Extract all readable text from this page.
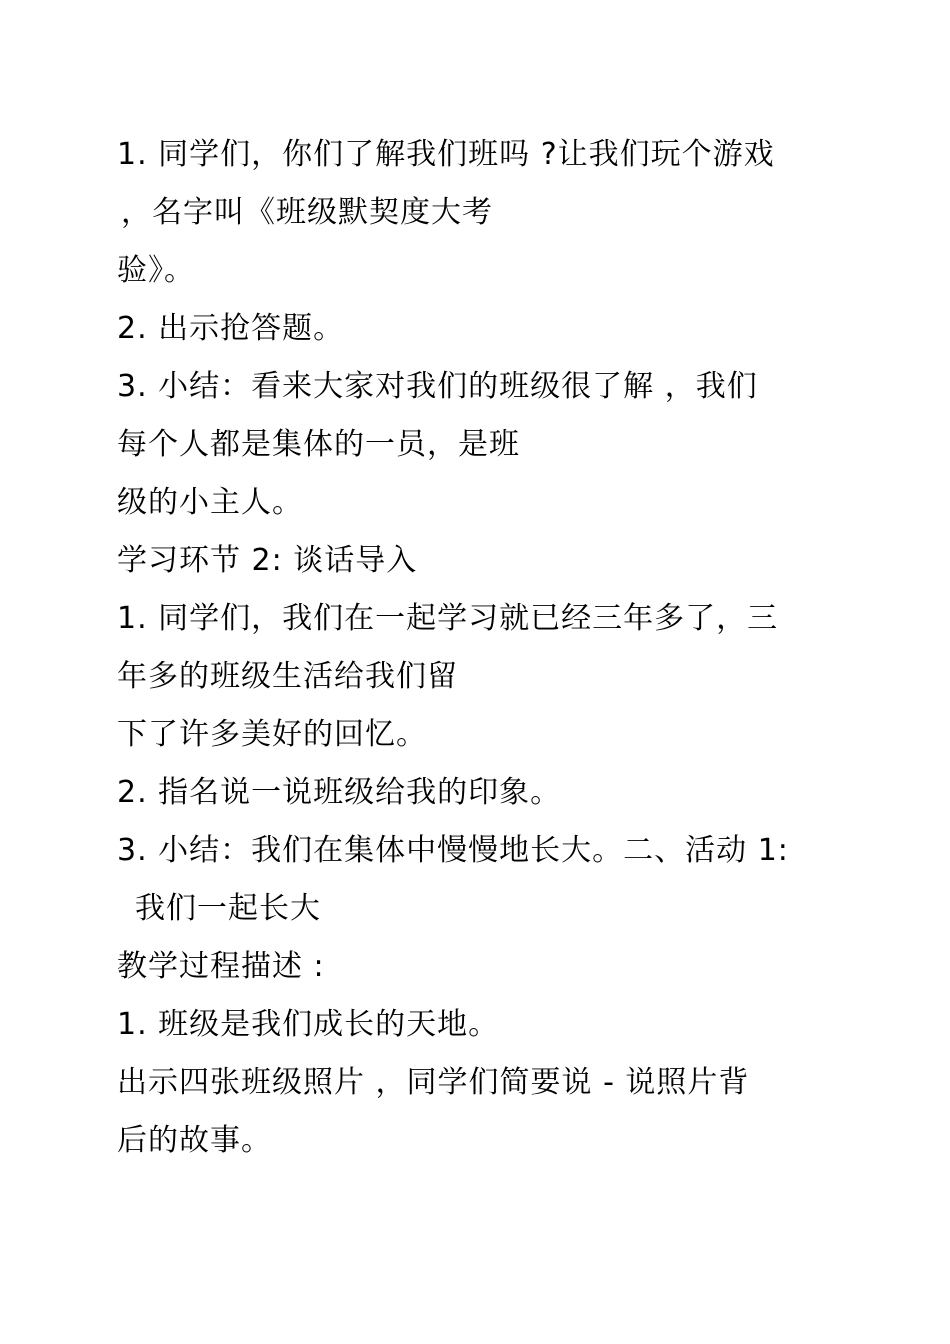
1. 同学们，你们了解我们班吗 ?让我们玩个游戏
，名字叫《班级默契度大考
验》。
2. 出示抢答题。
3. 小结：看来大家对我们的班级很了解 ，我们
每个人都是集体的一员，是班
级的小主人。
学习环节 2: 谈话导入
1. 同学们，我们在一起学习就已经三年多了，三
年多的班级生活给我们留
下了许多美好的回忆。
2. 指名说一说班级给我的印象。
3. 小结：我们在集体中慢慢地长大。二、活动 1:
我们一起长大
教学过程描述 :
1. 班级是我们成长的天地。
出示四张班级照片 ，同学们简要说 - 说照片背
后的故事。
